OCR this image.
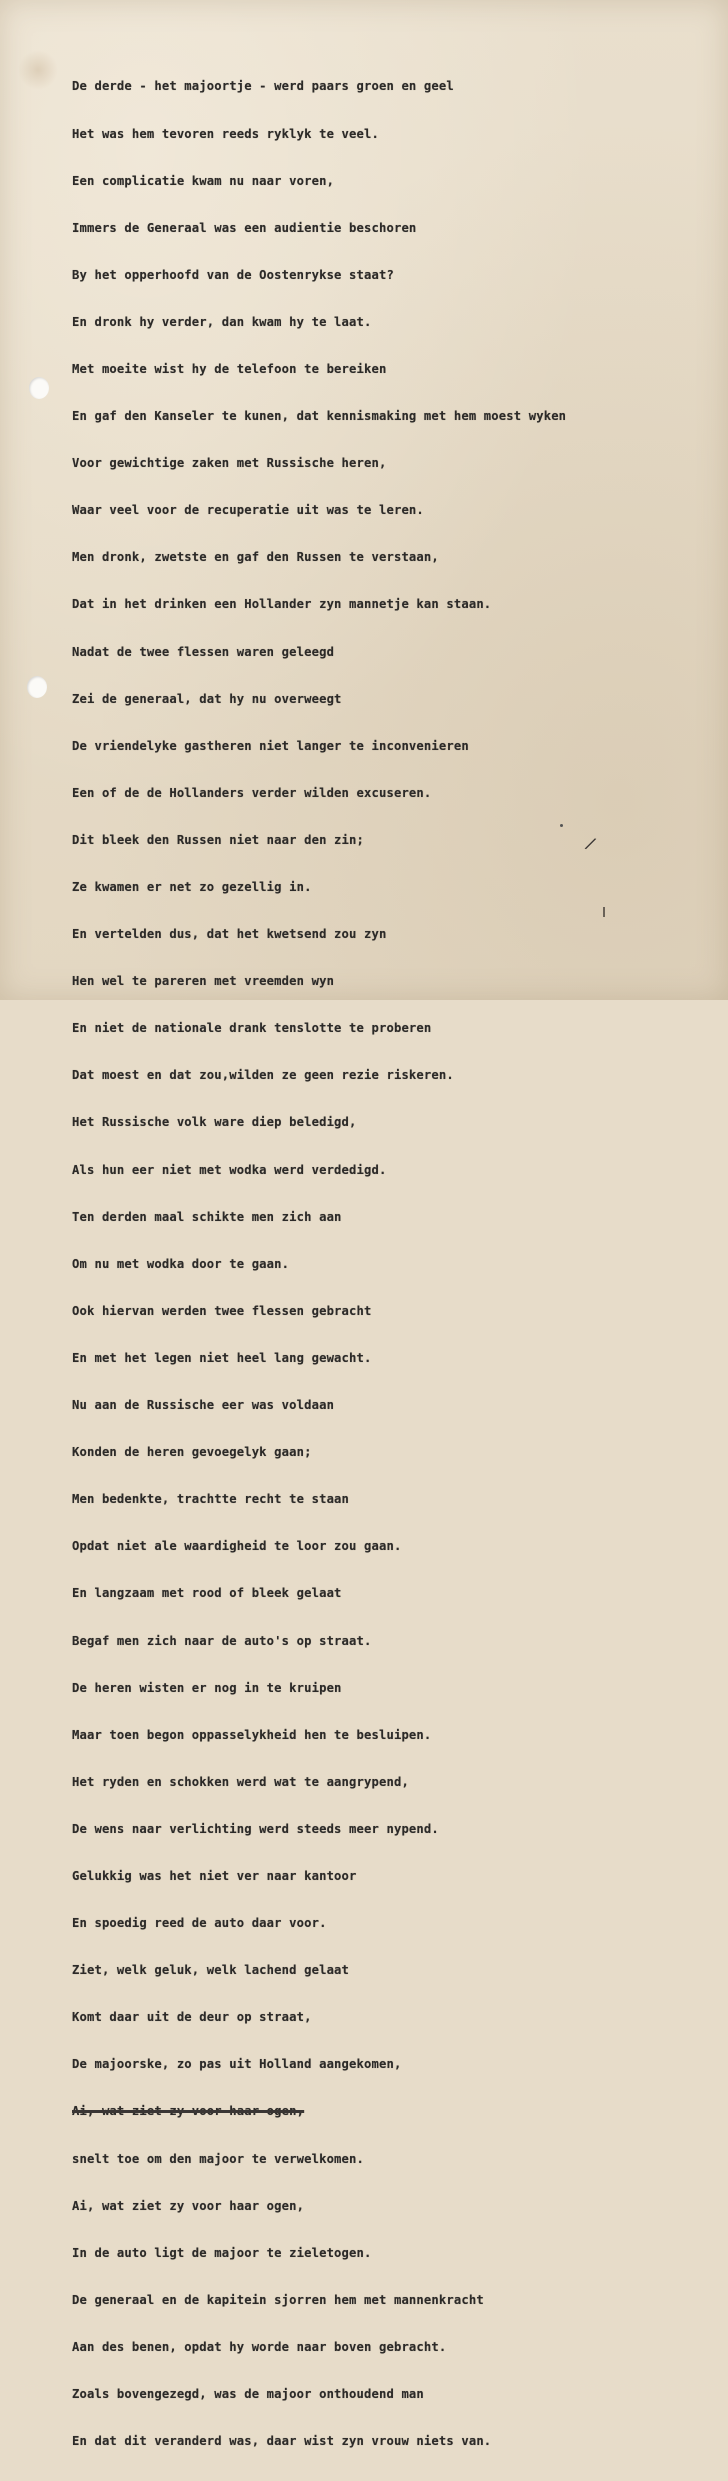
De derde - het majoortje - werd paars groen en geel

Het was hem tevoren reeds ryklyk te veel.

Een complicatie kwam nu naar voren,

Immers de Generaal was een audientie beschoren

By het opperhoofd van de Oostenrykse staat?

En dronk hy verder, dan kwam hy te laat.

Met moeite wist hy de telefoon te bereiken

En gaf den Kanseler te kunen, dat kennismaking met hem moest wyken

Voor gewichtige zaken met Russische heren,

Waar veel voor de recuperatie uit was te leren.

Men dronk, zwetste en gaf den Russen te verstaan,

Dat in het drinken een Hollander zyn mannetje kan staan.

Nadat de twee flessen waren geleegd

Zei de generaal, dat hy nu overweegt

De vriendelyke gastheren niet langer te inconvenieren

Een of de de Hollanders verder wilden excuseren.

Dit bleek den Russen niet naar den zin;

Ze kwamen er net zo gezellig in.

En vertelden dus, dat het kwetsend zou zyn

Hen wel te pareren met vreemden wyn

En niet de nationale drank tenslotte te proberen

Dat moest en dat zou,wilden ze geen rezie riskeren.

Het Russische volk ware diep beledigd,

Als hun eer niet met wodka werd verdedigd.

Ten derden maal schikte men zich aan

Om nu met wodka door te gaan.

Ook hiervan werden twee flessen gebracht

En met het legen niet heel lang gewacht.

Nu aan de Russische eer was voldaan

Konden de heren gevoegelyk gaan;

Men bedenkte, trachtte recht te staan

Opdat niet ale waardigheid te loor zou gaan.

En langzaam met rood of bleek gelaat

Begaf men zich naar de auto's op straat.

De heren wisten er nog in te kruipen

Maar toen begon oppasselykheid hen te besluipen.

Het ryden en schokken werd wat te aangrypend,

De wens naar verlichting werd steeds meer nypend.

Gelukkig was het niet ver naar kantoor

En spoedig reed de auto daar voor.

Ziet, welk geluk, welk lachend gelaat

Komt daar uit de deur op straat,

De majoorske, zo pas uit Holland aangekomen,

Ai, wat ziet zy voor haar ogen,

snelt toe om den majoor te verwelkomen.

Ai, wat ziet zy voor haar ogen,

In de auto ligt de majoor te zieletogen.

De generaal en de kapitein sjorren hem met mannenkracht

Aan des benen, opdat hy worde naar boven gebracht.

Zoals bovengezegd, was de majoor onthoudend man

En dat dit veranderd was, daar wist zyn vrouw niets van.

/
